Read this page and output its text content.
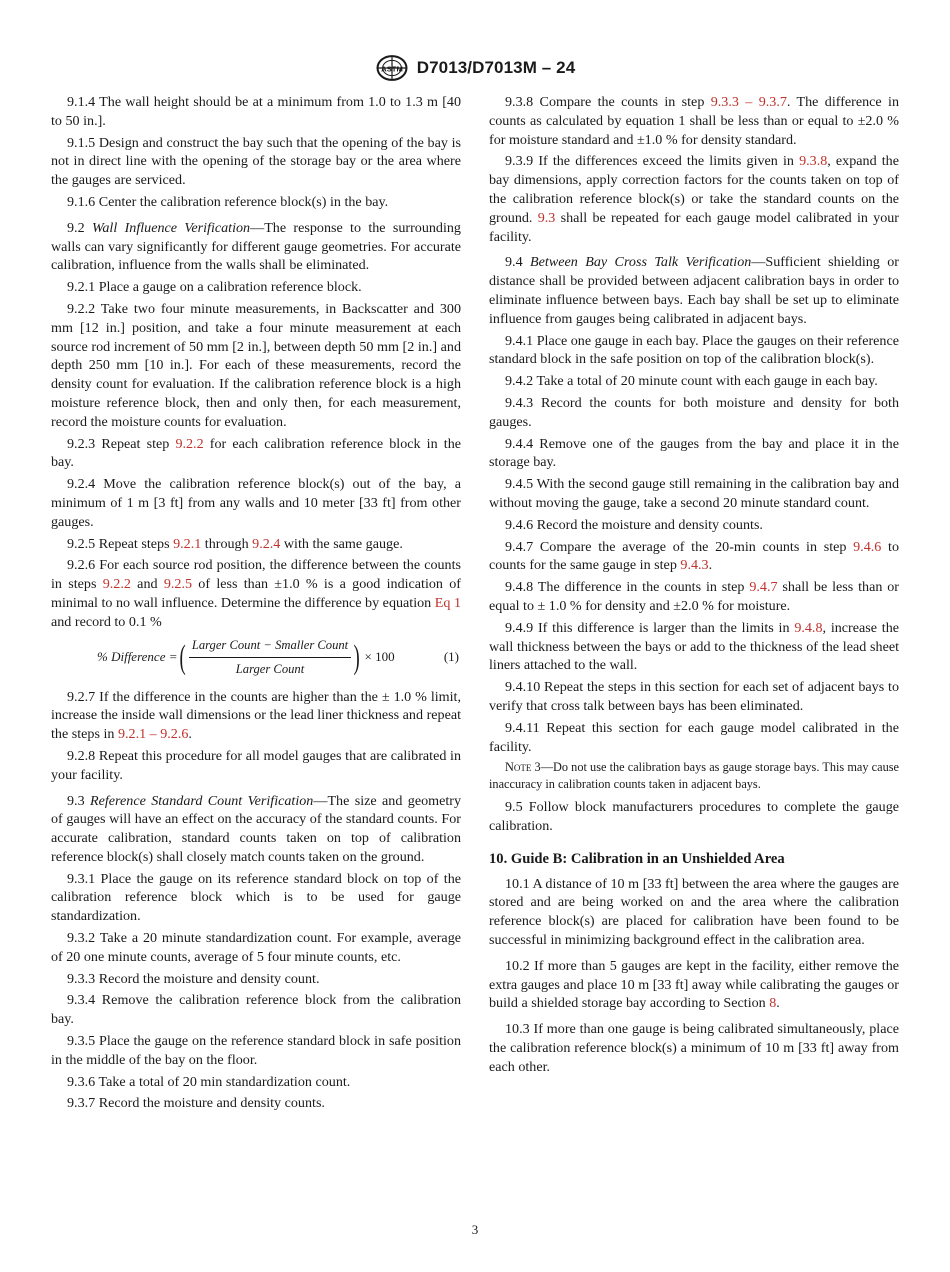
ASTM D7013/D7013M – 24

9.1.4 The wall height should be at a minimum from 1.0 to 1.3 m [40 to 50 in.].

9.1.5 Design and construct the bay such that the opening of the bay is not in direct line with the opening of the storage bay or the area where the gauges are serviced.

9.1.6 Center the calibration reference block(s) in the bay.

9.2 Wall Influence Verification—The response to the surrounding walls can vary significantly for different gauge geometries. For accurate calibration, influence from the walls shall be eliminated.

9.2.1 Place a gauge on a calibration reference block.

9.2.2 Take two four minute measurements, in Backscatter and 300 mm [12 in.] position, and take a four minute measurement at each source rod increment of 50 mm [2 in.], between depth 50 mm [2 in.] and depth 250 mm [10 in.]. For each of these measurements, record the density count for evaluation. If the calibration reference block is a high moisture reference block, then and only then, for each measurement, record the moisture counts for evaluation.

9.2.3 Repeat step 9.2.2 for each calibration reference block in the bay.

9.2.4 Move the calibration reference block(s) out of the bay, a minimum of 1 m [3 ft] from any walls and 10 meter [33 ft] from other gauges.

9.2.5 Repeat steps 9.2.1 through 9.2.4 with the same gauge.

9.2.6 For each source rod position, the difference between the counts in steps 9.2.2 and 9.2.5 of less than ±1.0 % is a good indication of minimal to no wall influence. Determine the difference by equation Eq 1 and record to 0.1 %

% Difference = ( $\frac{\text{Larger Count − Smaller Count}}{\text{Larger Count}}$ ) × 100	(1)

9.2.7 If the difference in the counts are higher than the ± 1.0 % limit, increase the inside wall dimensions or the lead liner thickness and repeat the steps in 9.2.1 – 9.2.6.

9.2.8 Repeat this procedure for all model gauges that are calibrated in your facility.

9.3 Reference Standard Count Verification—The size and geometry of gauges will have an effect on the accuracy of the standard counts. For accurate calibration, standard counts taken on top of calibration reference block(s) shall closely match counts taken on the ground.

9.3.1 Place the gauge on its reference standard block on top of the calibration reference block which is to be used for gauge standardization.

9.3.2 Take a 20 minute standardization count. For example, average of 20 one minute counts, average of 5 four minute counts, etc.

9.3.3 Record the moisture and density count.

9.3.4 Remove the calibration reference block from the calibration bay.

9.3.5 Place the gauge on the reference standard block in safe position in the middle of the bay on the floor.

9.3.6 Take a total of 20 min standardization count.

9.3.7 Record the moisture and density counts.

9.3.8 Compare the counts in step 9.3.3 – 9.3.7. The difference in counts as calculated by equation 1 shall be less than or equal to ±2.0 % for moisture standard and ±1.0 % for density standard.

9.3.9 If the differences exceed the limits given in 9.3.8, expand the bay dimensions, apply correction factors for the counts taken on top of the calibration reference block(s) or take the standard counts on the ground. 9.3 shall be repeated for each gauge model calibrated in your facility.

9.4 Between Bay Cross Talk Verification—Sufficient shielding or distance shall be provided between adjacent calibration bays in order to eliminate influence between bays. Each bay shall be set up to eliminate influence from gauges being calibrated in adjacent bays.

9.4.1 Place one gauge in each bay. Place the gauges on their reference standard block in the safe position on top of the calibration block(s).

9.4.2 Take a total of 20 minute count with each gauge in each bay.

9.4.3 Record the counts for both moisture and density for both gauges.

9.4.4 Remove one of the gauges from the bay and place it in the storage bay.

9.4.5 With the second gauge still remaining in the calibration bay and without moving the gauge, take a second 20 minute standard count.

9.4.6 Record the moisture and density counts.

9.4.7 Compare the average of the 20-min counts in step 9.4.6 to counts for the same gauge in step 9.4.3.

9.4.8 The difference in the counts in step 9.4.7 shall be less than or equal to ± 1.0 % for density and ±2.0 % for moisture.

9.4.9 If this difference is larger than the limits in 9.4.8, increase the wall thickness between the bays or add to the thickness of the lead sheet liners attached to the wall.

9.4.10 Repeat the steps in this section for each set of adjacent bays to verify that cross talk between bays has been eliminated.

9.4.11 Repeat this section for each gauge model calibrated in the facility.

Note 3—Do not use the calibration bays as gauge storage bays. This may cause inaccuracy in calibration counts taken in adjacent bays.

9.5 Follow block manufacturers procedures to complete the gauge calibration.

10. Guide B: Calibration in an Unshielded Area

10.1 A distance of 10 m [33 ft] between the area where the gauges are stored and are being worked on and the area where the calibration reference block(s) are placed for calibration have been found to be successful in minimizing background effect in the calibration area.

10.2 If more than 5 gauges are kept in the facility, either remove the extra gauges and place 10 m [33 ft] away while calibrating the gauges or build a shielded storage bay according to Section 8.

10.3 If more than one gauge is being calibrated simultaneously, place the calibration reference block(s) a minimum of 10 m [33 ft] away from each other.

3
